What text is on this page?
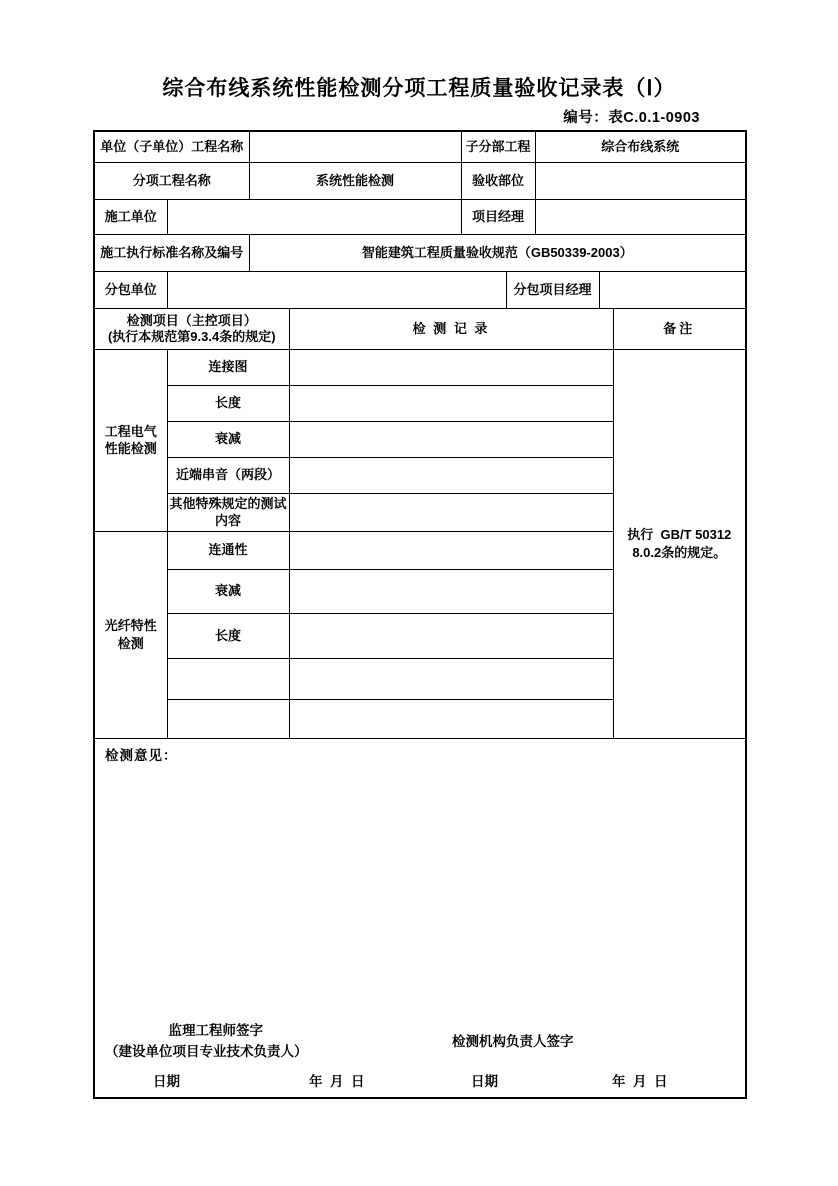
综合布线系统性能检测分项工程质量验收记录表（Ⅰ）
编号：表C.0.1-0903
单位（子单位）工程名称				子分部工程		综合布线系统		
分项工程名称		系统性能检测		验收部位				
施工单位				项目经理				
施工执行标准名称及编号		智能建筑工程质量验收规范（GB50339-2003）						
分包单位					分包项目经理			

检测项目（主控项目）
(执行本规范第9.3.4条的规定)			检 测 记 录					备注
工程电气
性能检测	连接图							执行  GB/T 50312
8.0.2条的规定。
	长度							
	衰减							
	近端串音（两段）							
	其他特殊规定的测试
内容							
光纤特性
检测	连通性							
	衰减							
	长度							

检测意见：
监理工程师签字
（建设单位项目专业技术负责人）
检测机构负责人签字
日期	年  月  日	日期	年  月  日
